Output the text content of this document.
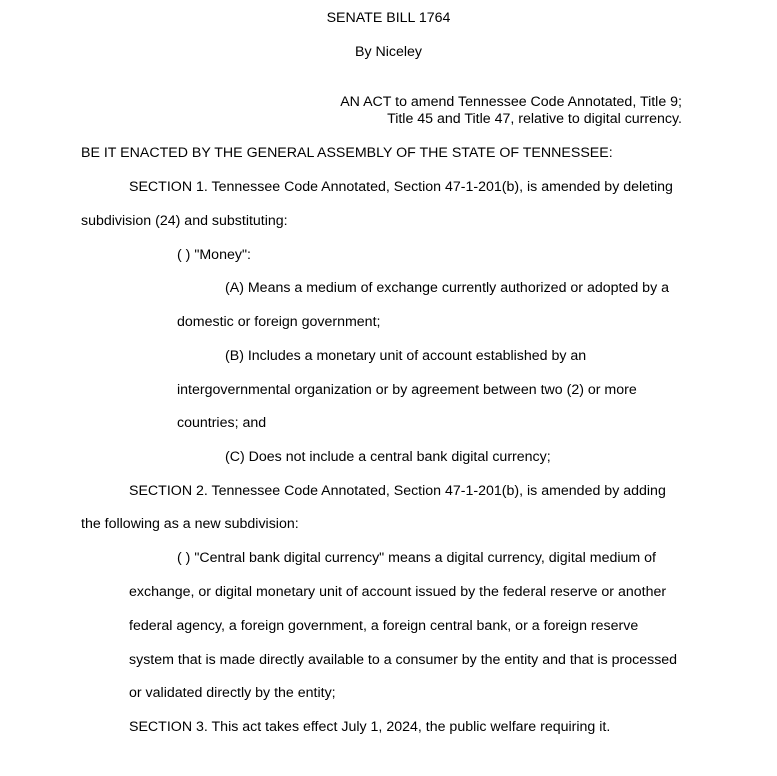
SENATE BILL 1764
By Niceley
AN ACT to amend Tennessee Code Annotated, Title 9;
Title 45 and Title 47, relative to digital currency.
BE IT ENACTED BY THE GENERAL ASSEMBLY OF THE STATE OF TENNESSEE:
SECTION 1. Tennessee Code Annotated, Section 47-1-201(b), is amended by deleting
subdivision (24) and substituting:
( ) "Money":
(A) Means a medium of exchange currently authorized or adopted by a
domestic or foreign government;
(B) Includes a monetary unit of account established by an
intergovernmental organization or by agreement between two (2) or more
countries; and
(C) Does not include a central bank digital currency;
SECTION 2. Tennessee Code Annotated, Section 47-1-201(b), is amended by adding
the following as a new subdivision:
( ) "Central bank digital currency" means a digital currency, digital medium of
exchange, or digital monetary unit of account issued by the federal reserve or another
federal agency, a foreign government, a foreign central bank, or a foreign reserve
system that is made directly available to a consumer by the entity and that is processed
or validated directly by the entity;
SECTION 3. This act takes effect July 1, 2024, the public welfare requiring it.
